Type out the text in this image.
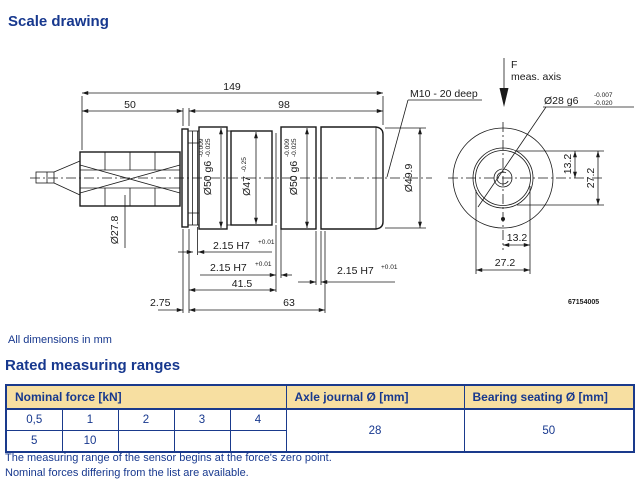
Scale drawing
149
50	98
M10 - 20 deep
Ø27.8
Ø50 g6
-0.009 -0.025
Ø47
-0.25	Ø50 g6
-0.009 -0.025
Ø49.9
2.15 H7 +0.01
2.15 H7 +0.01
2.15 H7 +0.01
41.5
63
2.75
F
meas. axis
Ø28 g6 -0.007
-0.020
13.2
27.2
13.2
27.2
67154005
All dimensions in mm
Rated measuring ranges
Nominal force [kN]					Axle journal Ø [mm]	Bearing seating Ø [mm]
0,5	1	2	3	4	28	50
5	10					
The measuring range of the sensor begins at the force's zero point.
Nominal forces differing from the list are available.
